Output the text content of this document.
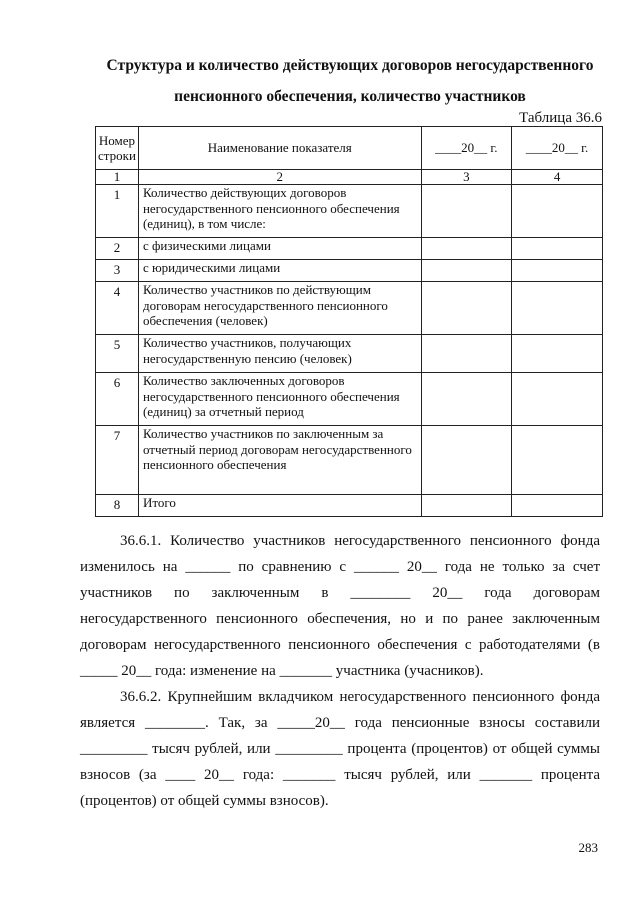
Структура и количество действующих договоров негосударственного
пенсионного обеспечения, количество участников
Таблица 36.6
Номер строки	Наименование показателя	____20__ г.	____20__ г.
1	2	3	4
1	Количество действующих договоров негосударственного пенсионного обеспечения (единиц), в том числе:		
2	с физическими лицами		
3	с юридическими лицами		
4	Количество участников по действующим договорам негосударственного пенсионного обеспечения (человек)		
5	Количество участников, получающих негосударственную пенсию (человек)		
6	Количество заключенных договоров негосударственного пенсионного обеспечения (единиц) за отчетный период		
7	Количество участников по заключенным за отчетный период договорам негосударственного пенсионного обеспечения		
8	Итого		
36.6.1. Количество участников негосударственного пенсионного фонда изменилось на ______ по сравнению с ______ 20__ года не только за счет участников по заключенным в ________ 20__ года договорам негосударственного пенсионного обеспечения, но и по ранее заключенным договорам негосударственного пенсионного обеспечения с работодателями (в _____ 20__ года: изменение на _______ участника (учасников).
36.6.2. Крупнейшим вкладчиком негосударственного пенсионного фонда является ________. Так, за _____20__ года пенсионные взносы составили _________ тысяч рублей, или _________ процента (процентов) от общей суммы взносов (за ____ 20__ года: _______ тысяч рублей, или _______ процента (процентов) от общей суммы взносов).
283
